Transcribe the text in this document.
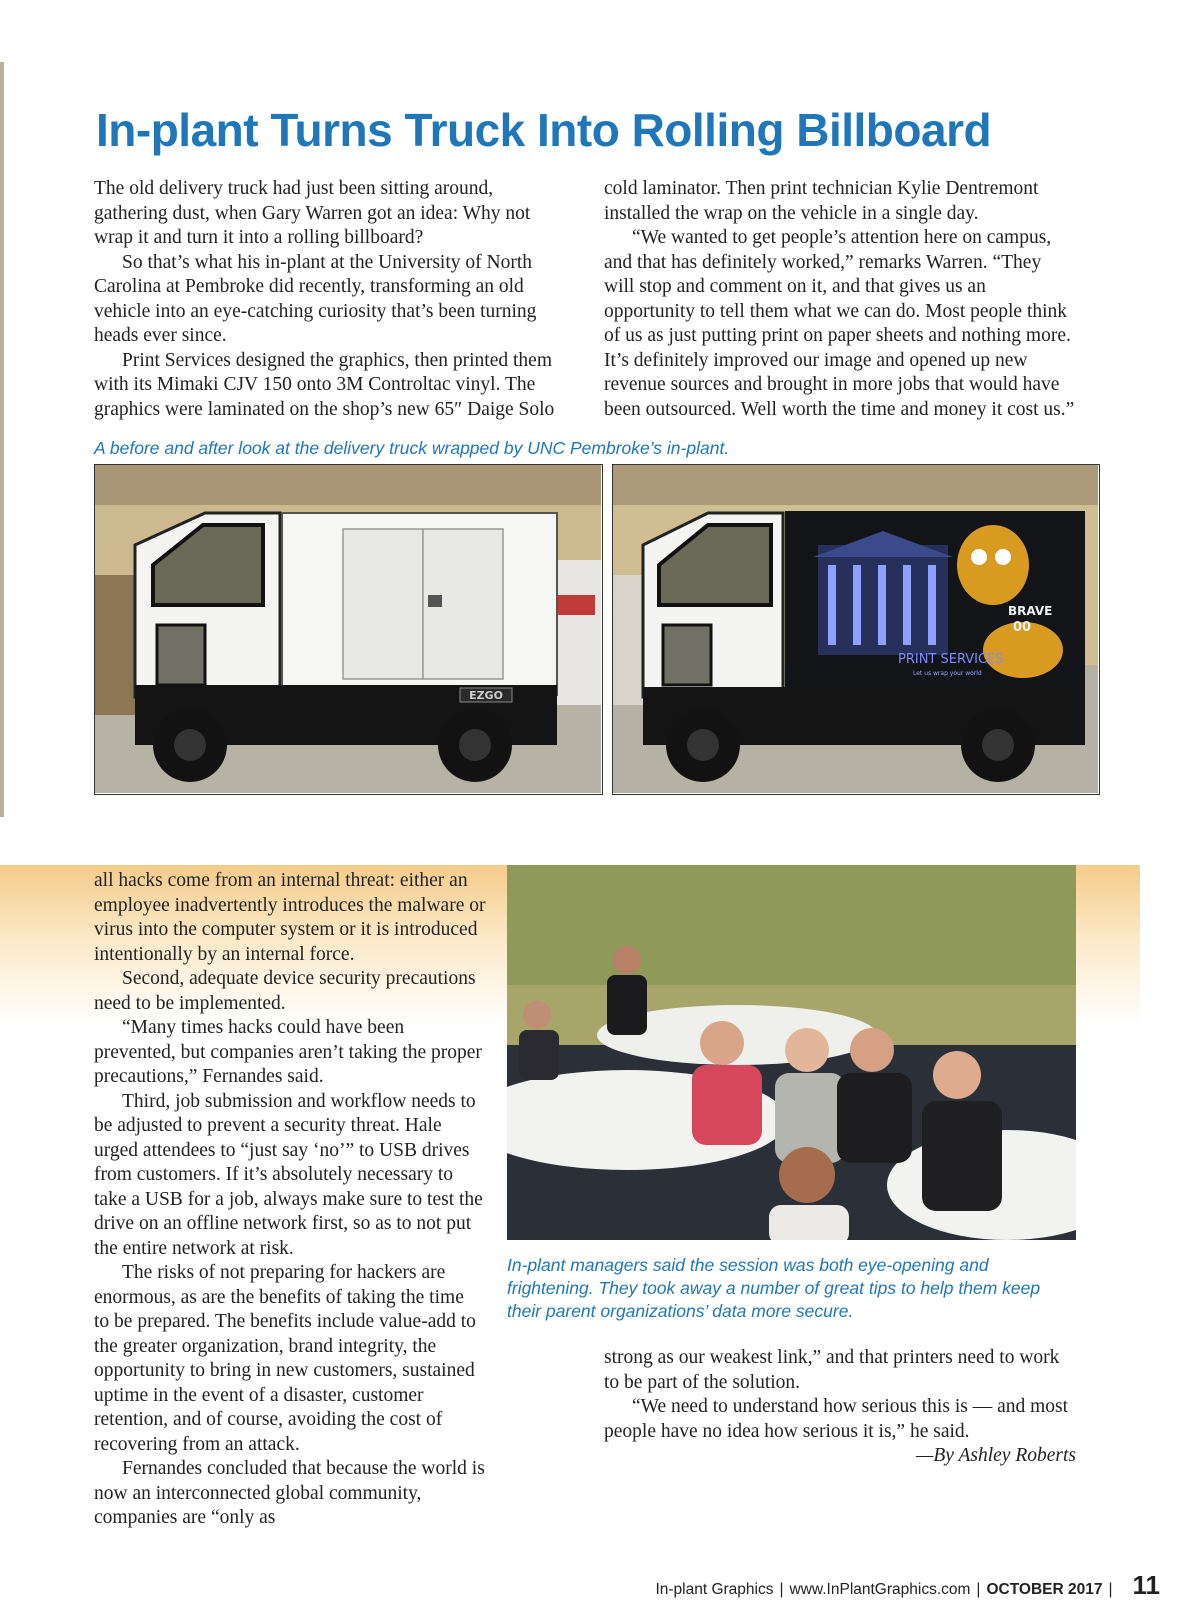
In-plant Turns Truck Into Rolling Billboard

The old delivery truck had just been sitting around, gathering dust, when Gary Warren got an idea: Why not wrap it and turn it into a rolling billboard?

So that’s what his in-plant at the University of North Carolina at Pembroke did recently, transforming an old vehicle into an eye-catching curiosity that’s been turning heads ever since.

Print Services designed the graphics, then printed them with its Mimaki CJV 150 onto 3M Controltac vinyl. The graphics were laminated on the shop’s new 65″ Daige Solo

cold laminator. Then print technician Kylie Dentremont installed the wrap on the vehicle in a single day.

“We wanted to get people’s attention here on campus, and that has definitely worked,” remarks Warren. “They will stop and comment on it, and that gives us an opportunity to tell them what we can do. Most people think of us as just putting print on paper sheets and nothing more. It’s definitely improved our image and opened up new revenue sources and brought in more jobs that would have been outsourced. Well worth the time and money it cost us.”

A before and after look at the delivery truck wrapped by UNC Pembroke’s in-plant.
EZGO
BRAVE
00
PRINT SERVICES
Let us wrap your world

all hacks come from an internal threat: either an employee inadvertently introduces the malware or virus into the computer system or it is introduced intentionally by an internal force.

Second, adequate device security precautions need to be implemented.

“Many times hacks could have been prevented, but companies aren’t taking the proper precautions,” Fernandes said.

Third, job submission and workflow needs to be adjusted to prevent a security threat. Hale urged attendees to “just say ‘no’” to USB drives from customers. If it’s absolutely necessary to take a USB for a job, always make sure to test the drive on an offline network first, so as to not put the entire network at risk.

The risks of not preparing for hackers are enormous, as are the benefits of taking the time to be prepared. The benefits include value-add to the greater organization, brand integrity, the opportunity to bring in new customers, sustained uptime in the event of a disaster, customer retention, and of course, avoiding the cost of recovering from an attack.

Fernandes concluded that because the world is now an interconnected global community, companies are “only as

In-plant managers said the session was both eye-opening and frightening. They took away a number of great tips to help them keep their parent organizations’ data more secure.

strong as our weakest link,” and that printers need to work to be part of the solution.

“We need to understand how serious this is — and most people have no idea how serious it is,” he said.

—By Ashley Roberts

In-plant Graphics | www.InPlantGraphics.com | OCTOBER 2017 | 11
